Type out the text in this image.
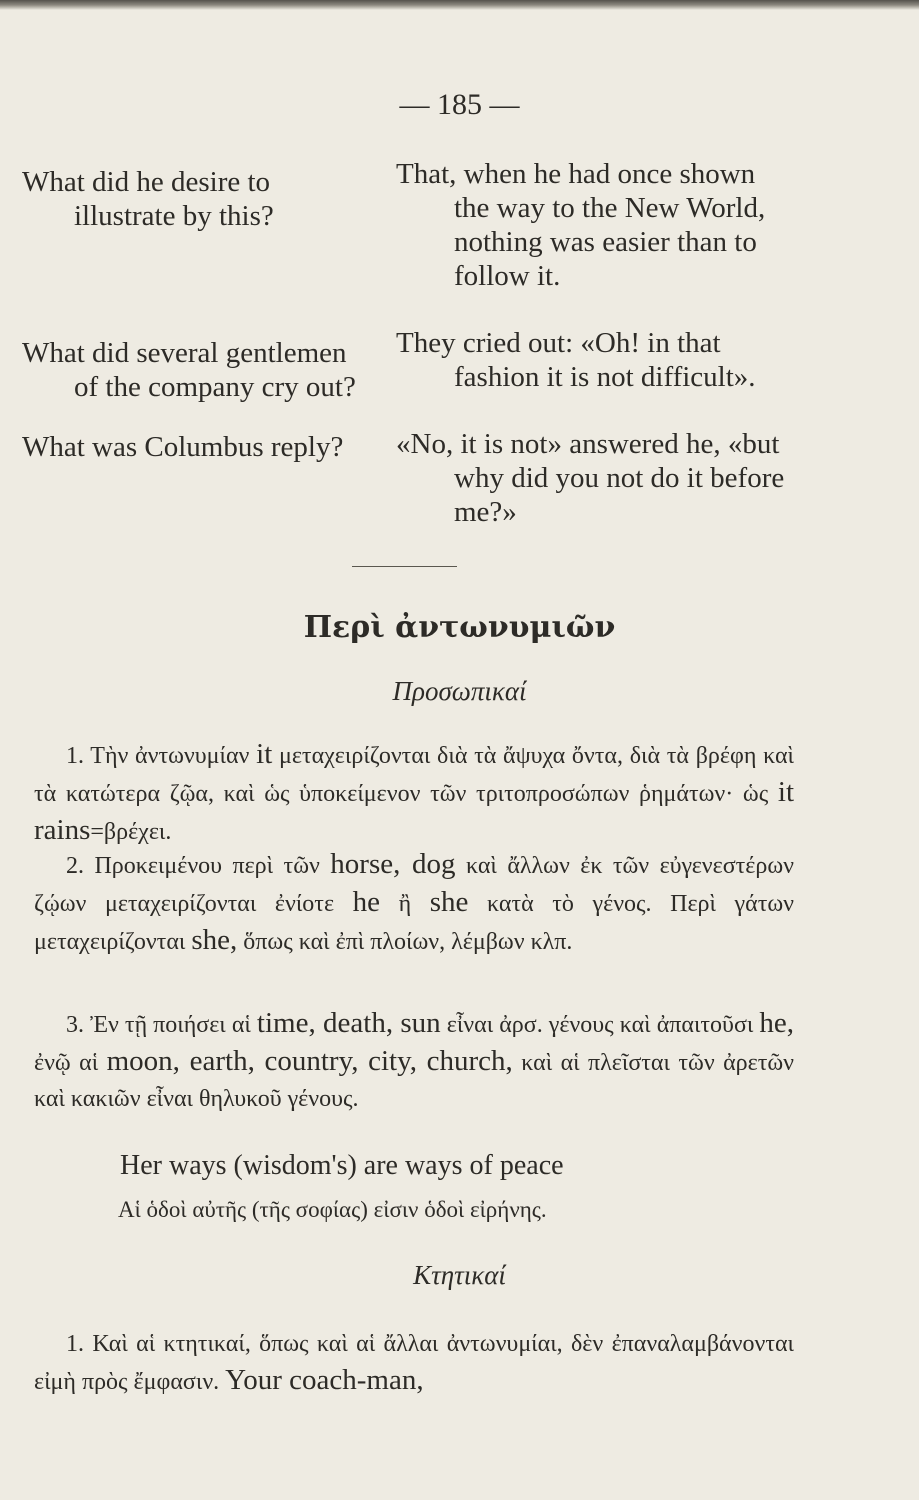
— 185 —

What did he desire to illustrate by this?

That, when he had once shown the way to the New World, nothing was easier than to follow it.

What did several gentlemen of the company cry out?

They cried out: «Oh! in that fashion it is not difficult».

What was Columbus reply?	«No, it is not» answered he, «but why did you not do it before me?»

Περὶ ἀντωνυμιῶν
Προσωπικαί

1. Τὴν ἀντωνυμίαν it μεταχειρίζονται διὰ τὰ ἄψυχα ὄντα, διὰ τὰ βρέφη καὶ τὰ κατώτερα ζῷα, καὶ ὡς ὑποκείμενον τῶν τριτοπροσώπων ῥημάτων· ὡς it rains=βρέχει.

2. Προκειμένου περὶ τῶν horse, dog καὶ ἄλλων ἐκ τῶν εὐγενεστέρων ζῴων μεταχειρίζονται ἐνίοτε he ἢ she κατὰ τὸ γένος. Περὶ γάτων μεταχειρίζονται she, ὅπως καὶ ἐπὶ πλοίων, λέμβων κλπ.

3. Ἐν τῇ ποιήσει αἱ time, death, sun εἶναι ἀρσ. γένους καὶ ἀπαιτοῦσι he, ἐνῷ αἱ moon, earth, country, city, church, καὶ αἱ πλεῖσται τῶν ἀρετῶν καὶ κακιῶν εἶναι θηλυκοῦ γένους.

Her ways (wisdom's) are ways of peace
Αἱ ὁδοὶ αὐτῆς (τῆς σοφίας) εἰσιν ὁδοὶ εἰρήνης.
Κτητικαί

1. Καὶ αἱ κτητικαί, ὅπως καὶ αἱ ἄλλαι ἀντωνυμίαι, δὲν ἐπαναλαμβάνονται εἰμὴ πρὸς ἔμφασιν. Your coach-man,
